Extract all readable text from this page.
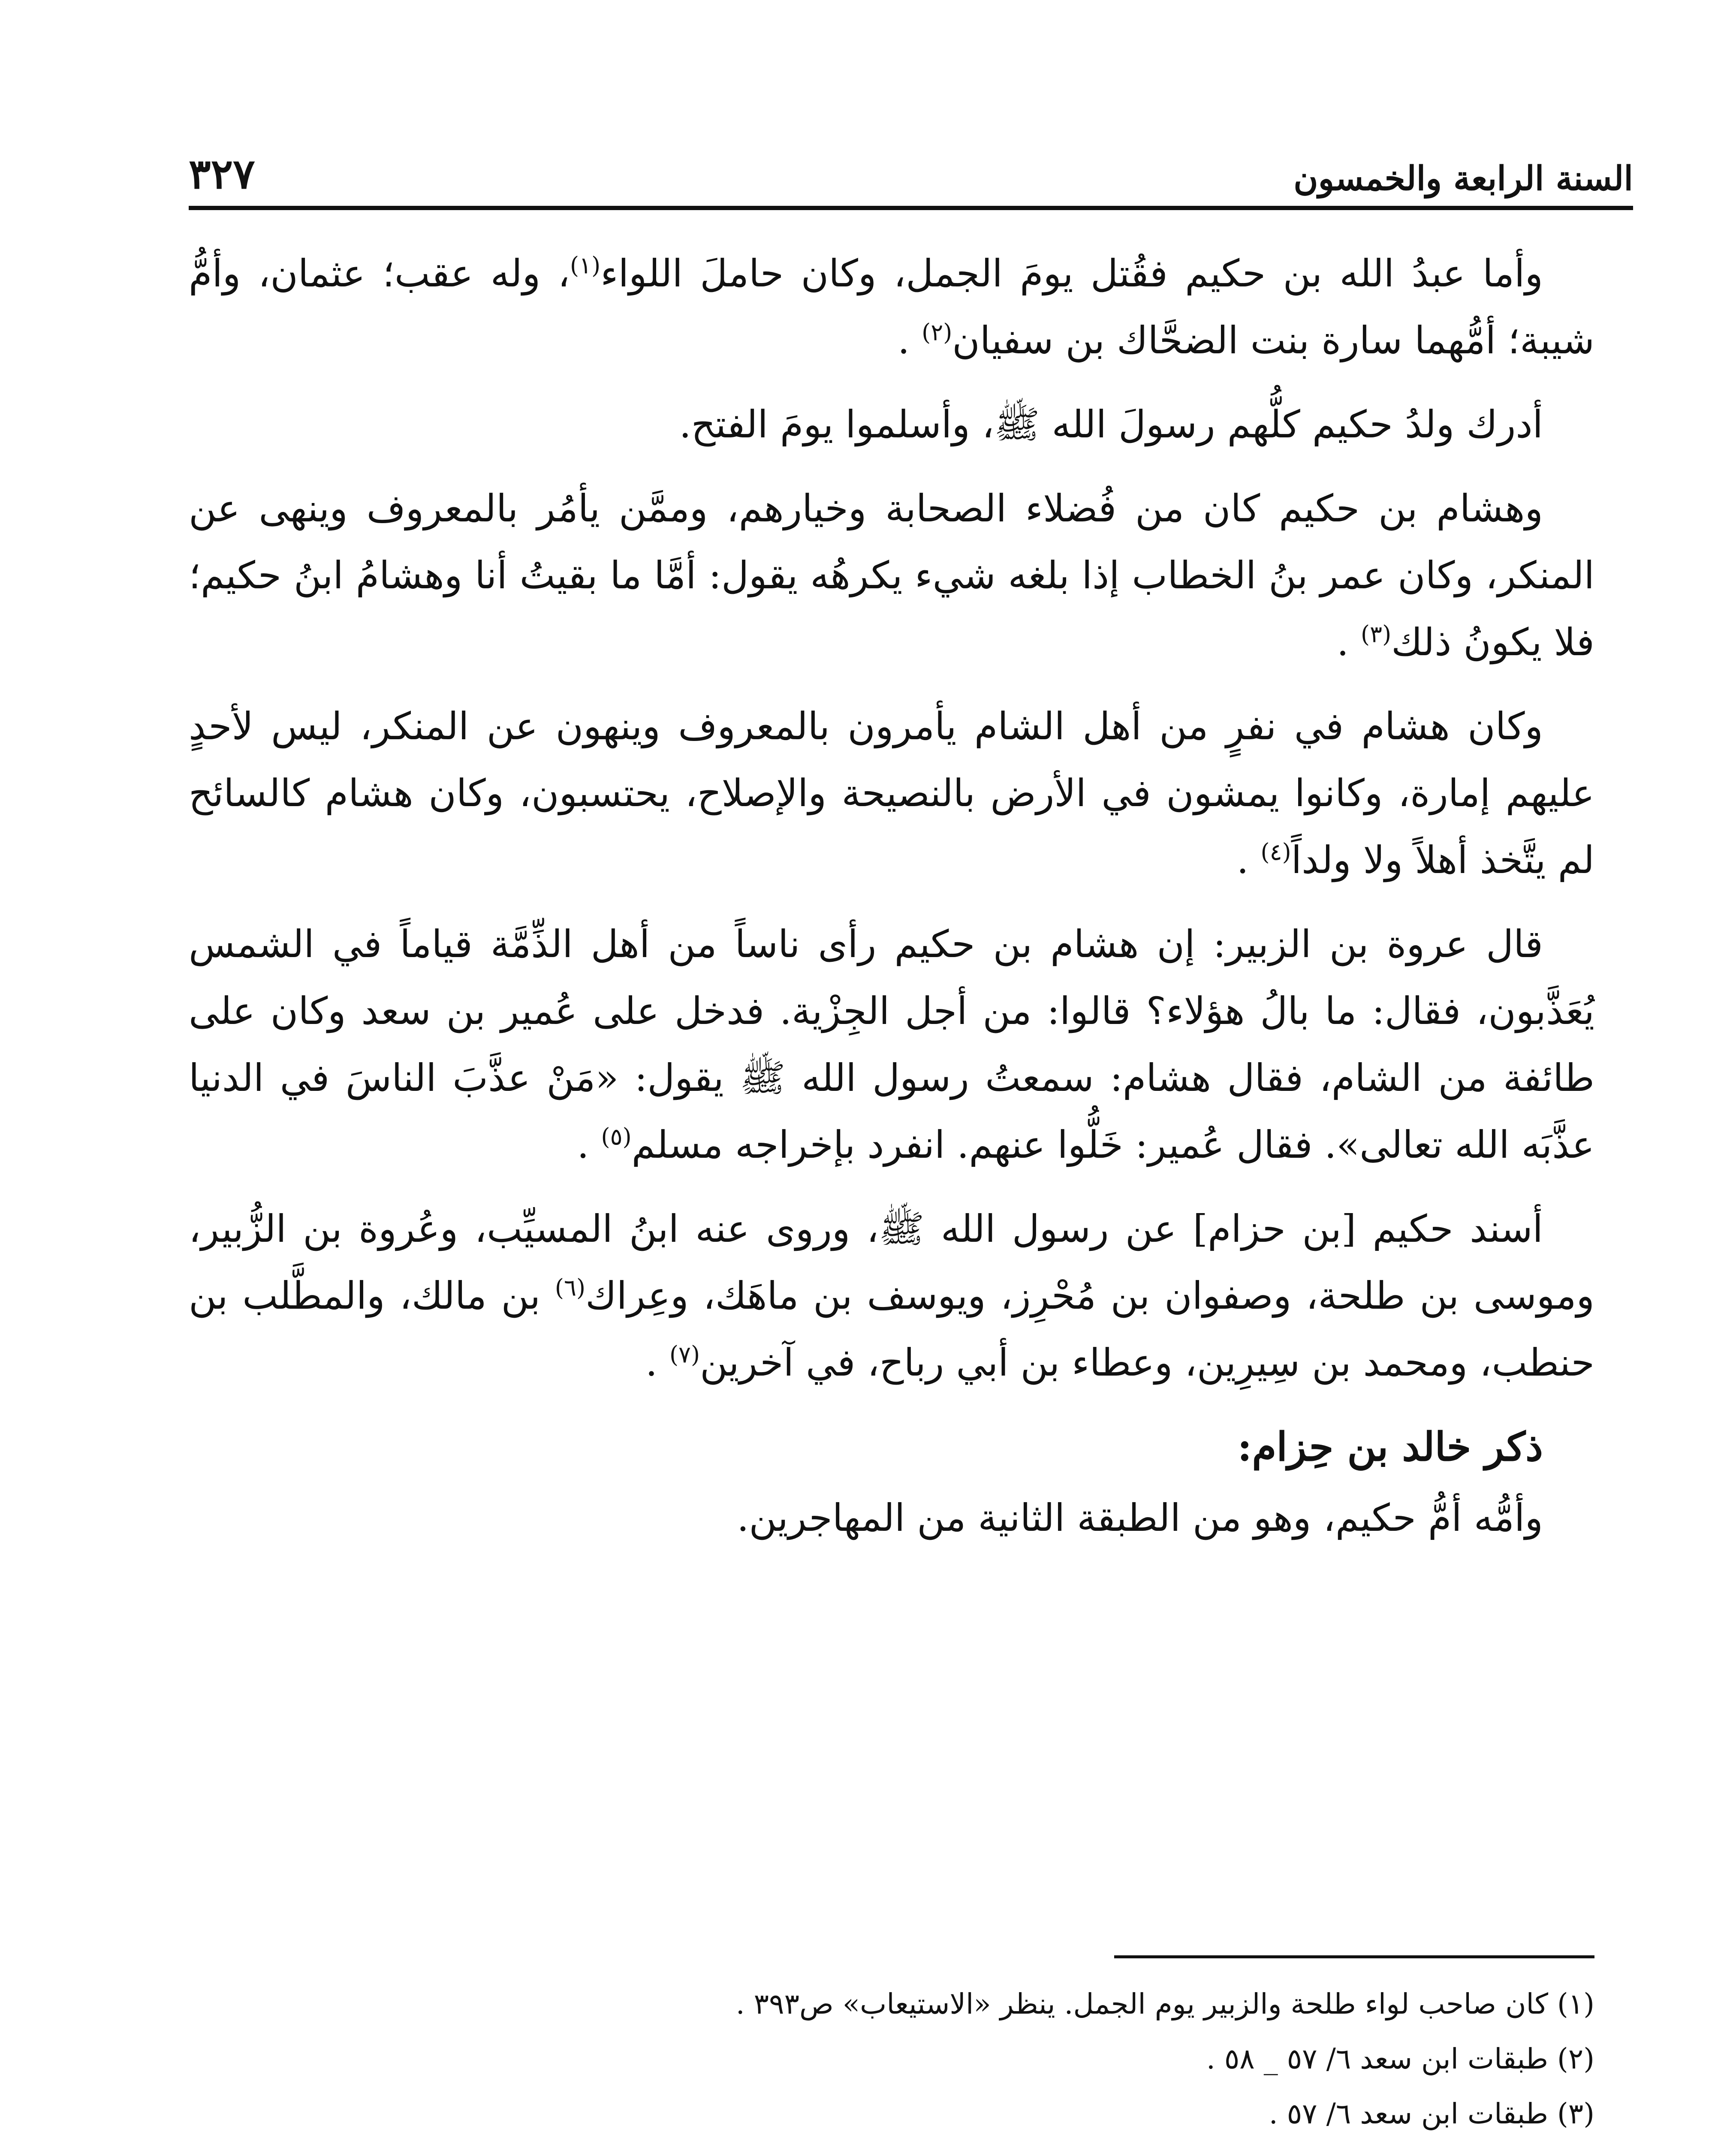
السنة الرابعة والخمسون
٣٢٧

وأما عبدُ الله بن حكيم فقُتل يومَ الجمل، وكان حاملَ اللواء$^{(١)}$، وله عقب؛ عثمان، وأمُّ شيبة؛ أمُّهما سارة بنت الضحَّاك بن سفيان$^{(٢)}$ .

أدرك ولدُ حكيم كلُّهم رسولَ الله ﷺ، وأسلموا يومَ الفتح.

وهشام بن حكيم كان من فُضلاء الصحابة وخيارهم، وممَّن يأمُر بالمعروف وينهى عن المنكر، وكان عمر بنُ الخطاب إذا بلغه شيء يكرهُه يقول: أمَّا ما بقيتُ أنا وهشامُ ابنُ حكيم؛ فلا يكونُ ذلك$^{(٣)}$ .

وكان هشام في نفرٍ من أهل الشام يأمرون بالمعروف وينهون عن المنكر، ليس لأحدٍ عليهم إمارة، وكانوا يمشون في الأرض بالنصيحة والإصلاح، يحتسبون، وكان هشام كالسائح لم يتَّخذ أهلاً ولا ولداً$^{(٤)}$ .

قال عروة بن الزبير: إن هشام بن حكيم رأى ناساً من أهل الذِّمَّة قياماً في الشمس يُعَذَّبون، فقال: ما بالُ هؤلاء؟ قالوا: من أجل الجِزْية. فدخل على عُمير بن سعد وكان على طائفة من الشام، فقال هشام: سمعتُ رسول الله ﷺ يقول: «مَنْ عذَّبَ الناسَ في الدنيا عذَّبَه الله تعالى». فقال عُمير: خَلُّوا عنهم. انفرد بإخراجه مسلم$^{(٥)}$ .

أسند حكيم [بن حزام] عن رسول الله ﷺ، وروى عنه ابنُ المسيِّب، وعُروة بن الزُّبير، وموسى بن طلحة، وصفوان بن مُحْرِز، ويوسف بن ماهَك، وعِراك$^{(٦)}$ بن مالك، والمطَّلب بن حنطب، ومحمد بن سِيرِين، وعطاء بن أبي رباح، في آخرين$^{(٧)}$ .

ذكر خالد بن حِزام:

وأمُّه أمُّ حكيم، وهو من الطبقة الثانية من المهاجرين.

(١) كان صاحب لواء طلحة والزبير يوم الجمل. ينظر «الاستيعاب» ص٣٩٣ .
(٢) طبقات ابن سعد ٦/ ٥٧ _ ٥٨ .
(٣) طبقات ابن سعد ٦/ ٥٧ .
